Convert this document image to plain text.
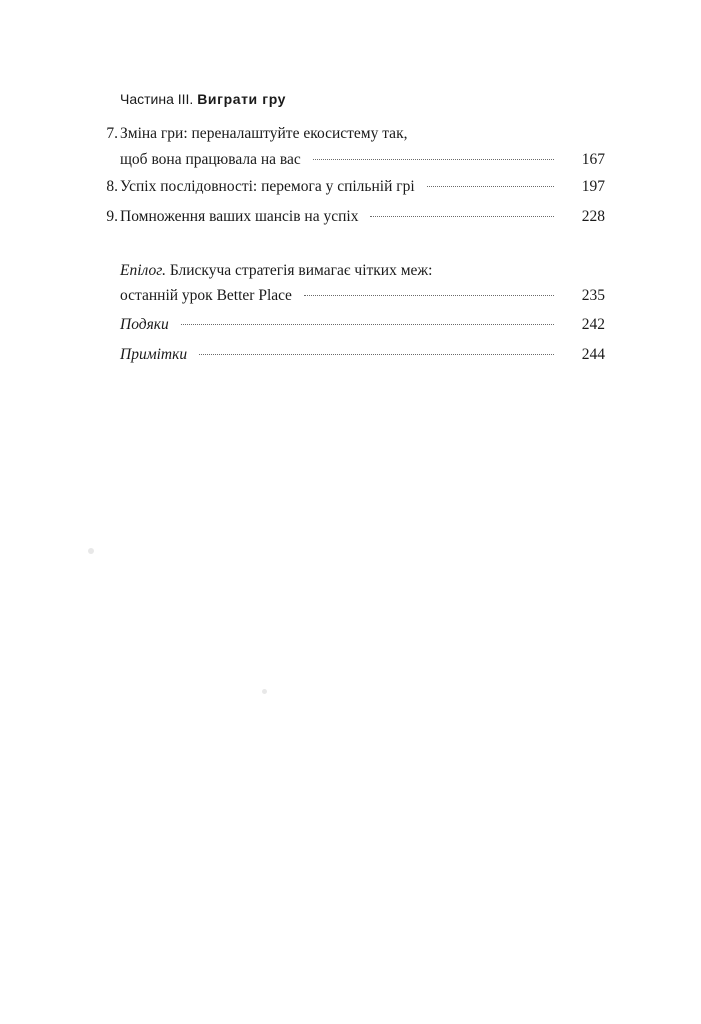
Частина ІІІ. Виграти гру
7. Зміна гри: переналаштуйте екосистему так,
щоб вона працювала на вас	167
8. Успіх послідовності: перемога у спільній грі	197
9. Помноження ваших шансів на успіх	228
Епілог. Блискуча стратегія вимагає чітких меж:
останній урок Better Place	235
Подяки	242
Примітки	244
